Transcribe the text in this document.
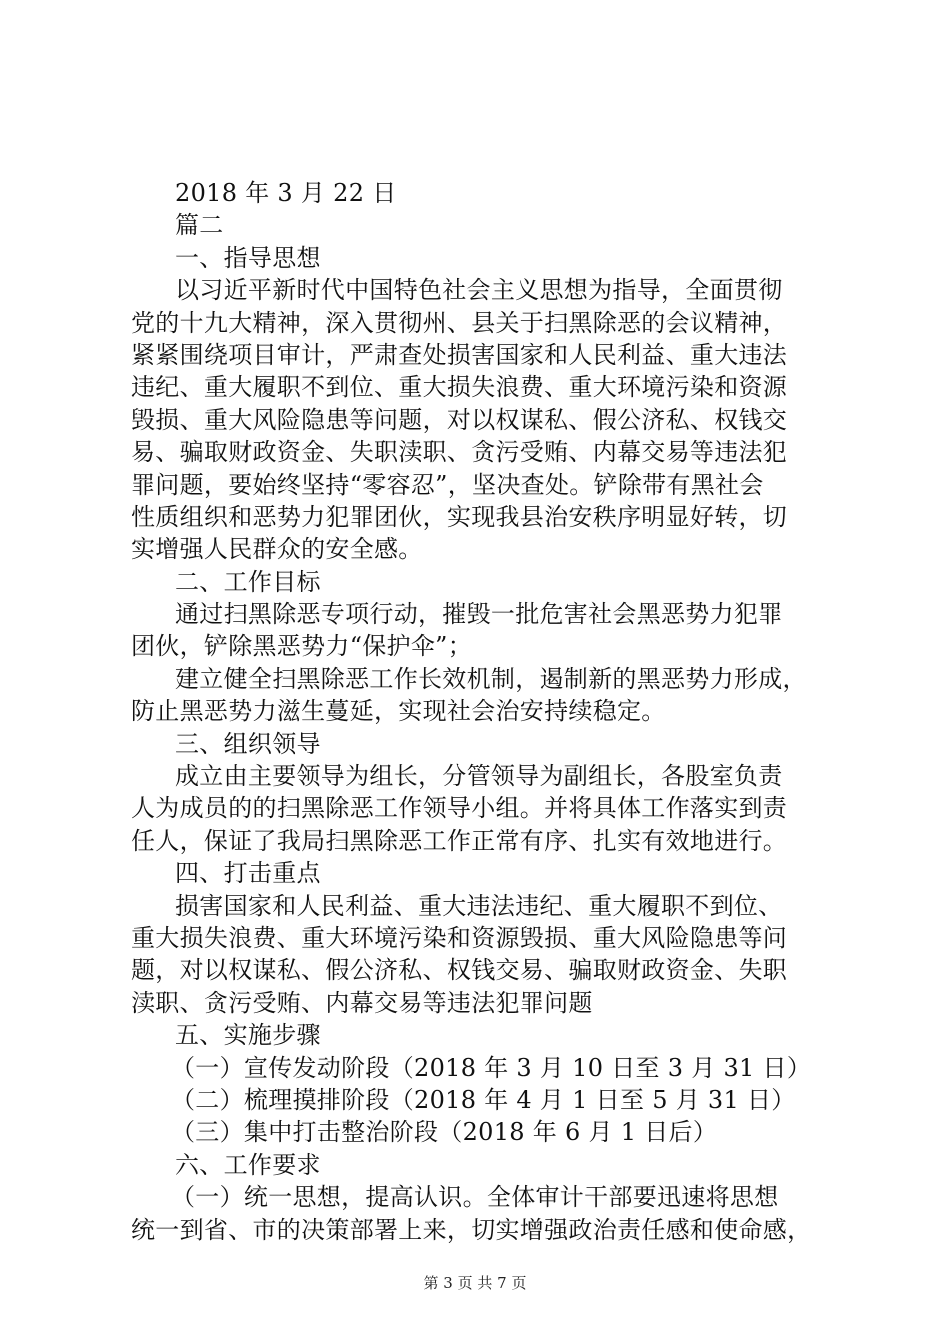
2018 年 3 月 22 日
篇二
一、指导思想
以习近平新时代中国特色社会主义思想为指导，全面贯彻
党的十九大精神，深入贯彻州、县关于扫黑除恶的会议精神，
紧紧围绕项目审计，严肃查处损害国家和人民利益、重大违法
违纪、重大履职不到位、重大损失浪费、重大环境污染和资源
毁损、重大风险隐患等问题，对以权谋私、假公济私、权钱交
易、骗取财政资金、失职渎职、贪污受贿、内幕交易等违法犯
罪问题，要始终坚持“零容忍”，坚决查处。铲除带有黑社会
性质组织和恶势力犯罪团伙，实现我县治安秩序明显好转，切
实增强人民群众的安全感。
二、工作目标
通过扫黑除恶专项行动，摧毁一批危害社会黑恶势力犯罪
团伙，铲除黑恶势力“保护伞”；
建立健全扫黑除恶工作长效机制，遏制新的黑恶势力形成，
防止黑恶势力滋生蔓延，实现社会治安持续稳定。
三、组织领导
成立由主要领导为组长，分管领导为副组长，各股室负责
人为成员的的扫黑除恶工作领导小组。并将具体工作落实到责
任人，保证了我局扫黑除恶工作正常有序、扎实有效地进行。
四、打击重点
损害国家和人民利益、重大违法违纪、重大履职不到位、
重大损失浪费、重大环境污染和资源毁损、重大风险隐患等问
题，对以权谋私、假公济私、权钱交易、骗取财政资金、失职
渎职、贪污受贿、内幕交易等违法犯罪问题
五、实施步骤
（一）宣传发动阶段（2018 年 3 月 10 日至 3 月 31 日）
（二）梳理摸排阶段（2018 年 4 月 1 日至 5 月 31 日）
（三）集中打击整治阶段（2018 年 6 月 1 日后）
六、工作要求
（一）统一思想，提高认识。全体审计干部要迅速将思想
统一到省、市的决策部署上来，切实增强政治责任感和使命感，
第 3 页 共 7 页
